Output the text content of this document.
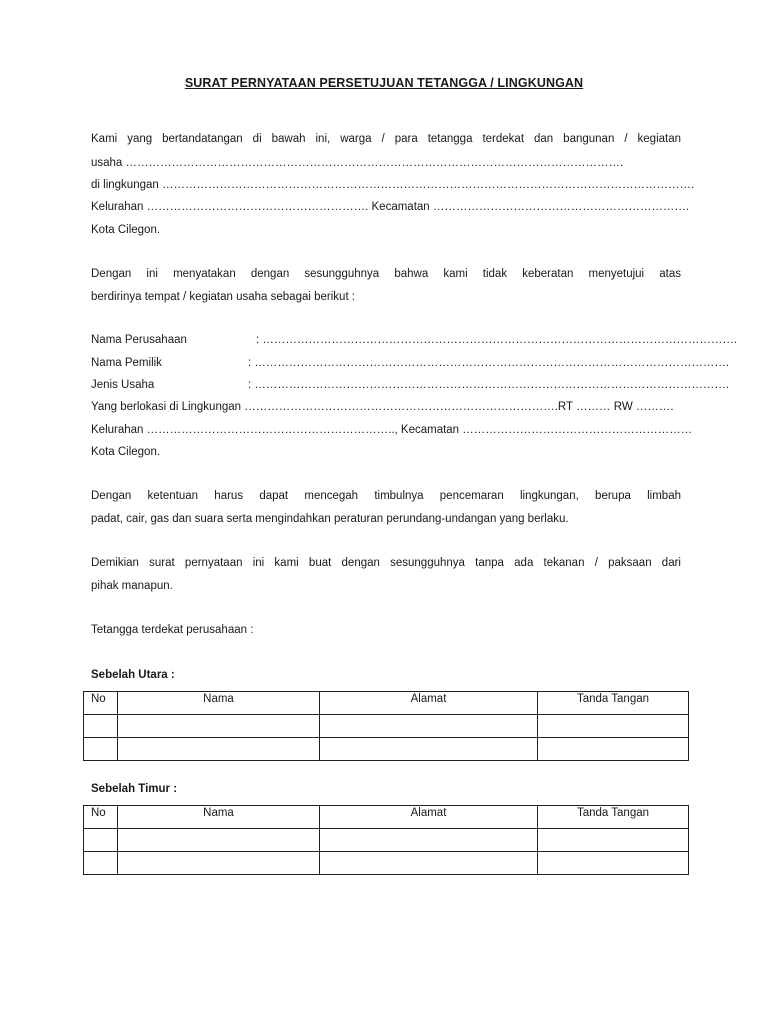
SURAT PERNYATAAN PERSETUJUAN TETANGGA / LINGKUNGAN
Kami yang bertandatangan di bawah ini, warga / para tetangga terdekat dan bangunan / kegiatan
usaha ………………………………………………………………………………………………………………….
di lingkungan ………………………………………………………………………………………………………………………….
Kelurahan …………………………………………………. Kecamatan ………………………………………………………….
Kota Cilegon.
Dengan ini menyatakan dengan sesungguhnya bahwa kami tidak keberatan menyetujui atas
berdirinya tempat / kegiatan usaha sebagai berikut :
Nama Perusahaan	: …………………………………………………………………………………………………………….
Nama Pemilik	: …………………………………………………………………………………………………………….
Jenis Usaha	: …………………………………………………………………………………………………………….
Yang berlokasi di Lingkungan ……………………………………………………………………….RT ……… RW ……….
Kelurahan ……………………………………………………….., Kecamatan ……………………………………………………
Kota Cilegon.
Dengan ketentuan harus dapat mencegah timbulnya pencemaran lingkungan, berupa limbah
padat, cair, gas dan suara serta mengindahkan peraturan perundang-undangan yang berlaku.
Demikian surat pernyataan ini kami buat dengan sesungguhnya tanpa ada tekanan / paksaan dari
pihak manapun.
Tetangga terdekat perusahaan :
Sebelah Utara :
No	Nama	Alamat	Tanda Tangan

Sebelah Timur :
No	Nama	Alamat	Tanda Tangan
